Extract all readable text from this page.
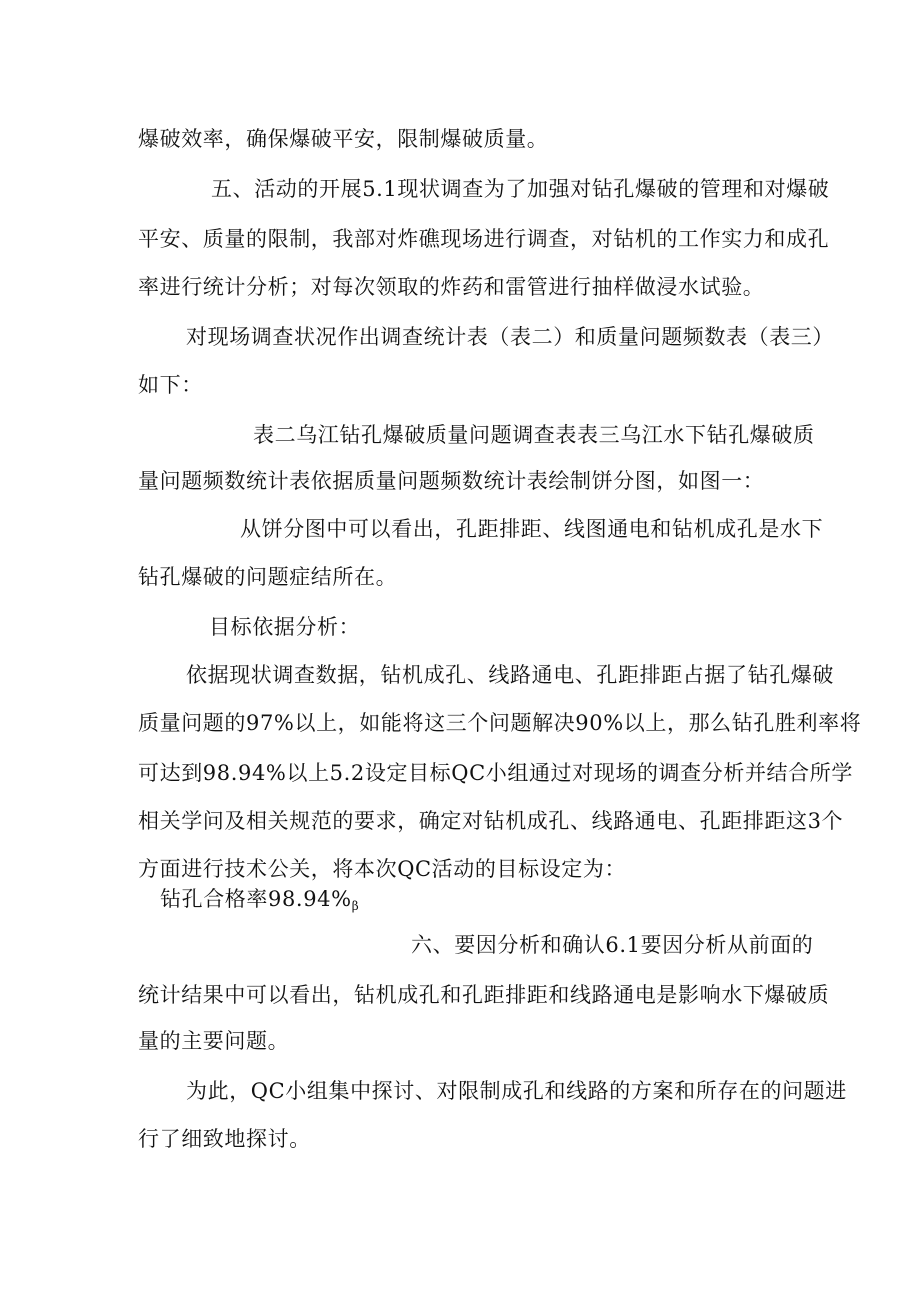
爆破效率，确保爆破平安，限制爆破质量。
五、活动的开展5.1现状调查为了加强对钻孔爆破的管理和对爆破
平安、质量的限制，我部对炸礁现场进行调查，对钻机的工作实力和成孔
率进行统计分析；对每次领取的炸药和雷管进行抽样做浸水试验。
对现场调查状况作出调查统计表（表二）和质量问题频数表（表三）
如下：
表二乌江钻孔爆破质量问题调查表表三乌江水下钻孔爆破质
量问题频数统计表依据质量问题频数统计表绘制饼分图，如图一：
从饼分图中可以看出，孔距排距、线图通电和钻机成孔是水下
钻孔爆破的问题症结所在。
目标依据分析：
依据现状调查数据，钻机成孔、线路通电、孔距排距占据了钻孔爆破
质量问题的97%以上，如能将这三个问题解决90%以上，那么钻孔胜利率将
可达到98.94%以上5.2设定目标QC小组通过对现场的调查分析并结合所学
相关学问及相关规范的要求，确定对钻机成孔、线路通电、孔距排距这3个
方面进行技术公关，将本次QC活动的目标设定为：
钻孔合格率$98.94\%_\beta$
六、要因分析和确认6.1要因分析从前面的
统计结果中可以看出，钻机成孔和孔距排距和线路通电是影响水下爆破质
量的主要问题。
为此，QC小组集中探讨、对限制成孔和线路的方案和所存在的问题进
行了细致地探讨。
